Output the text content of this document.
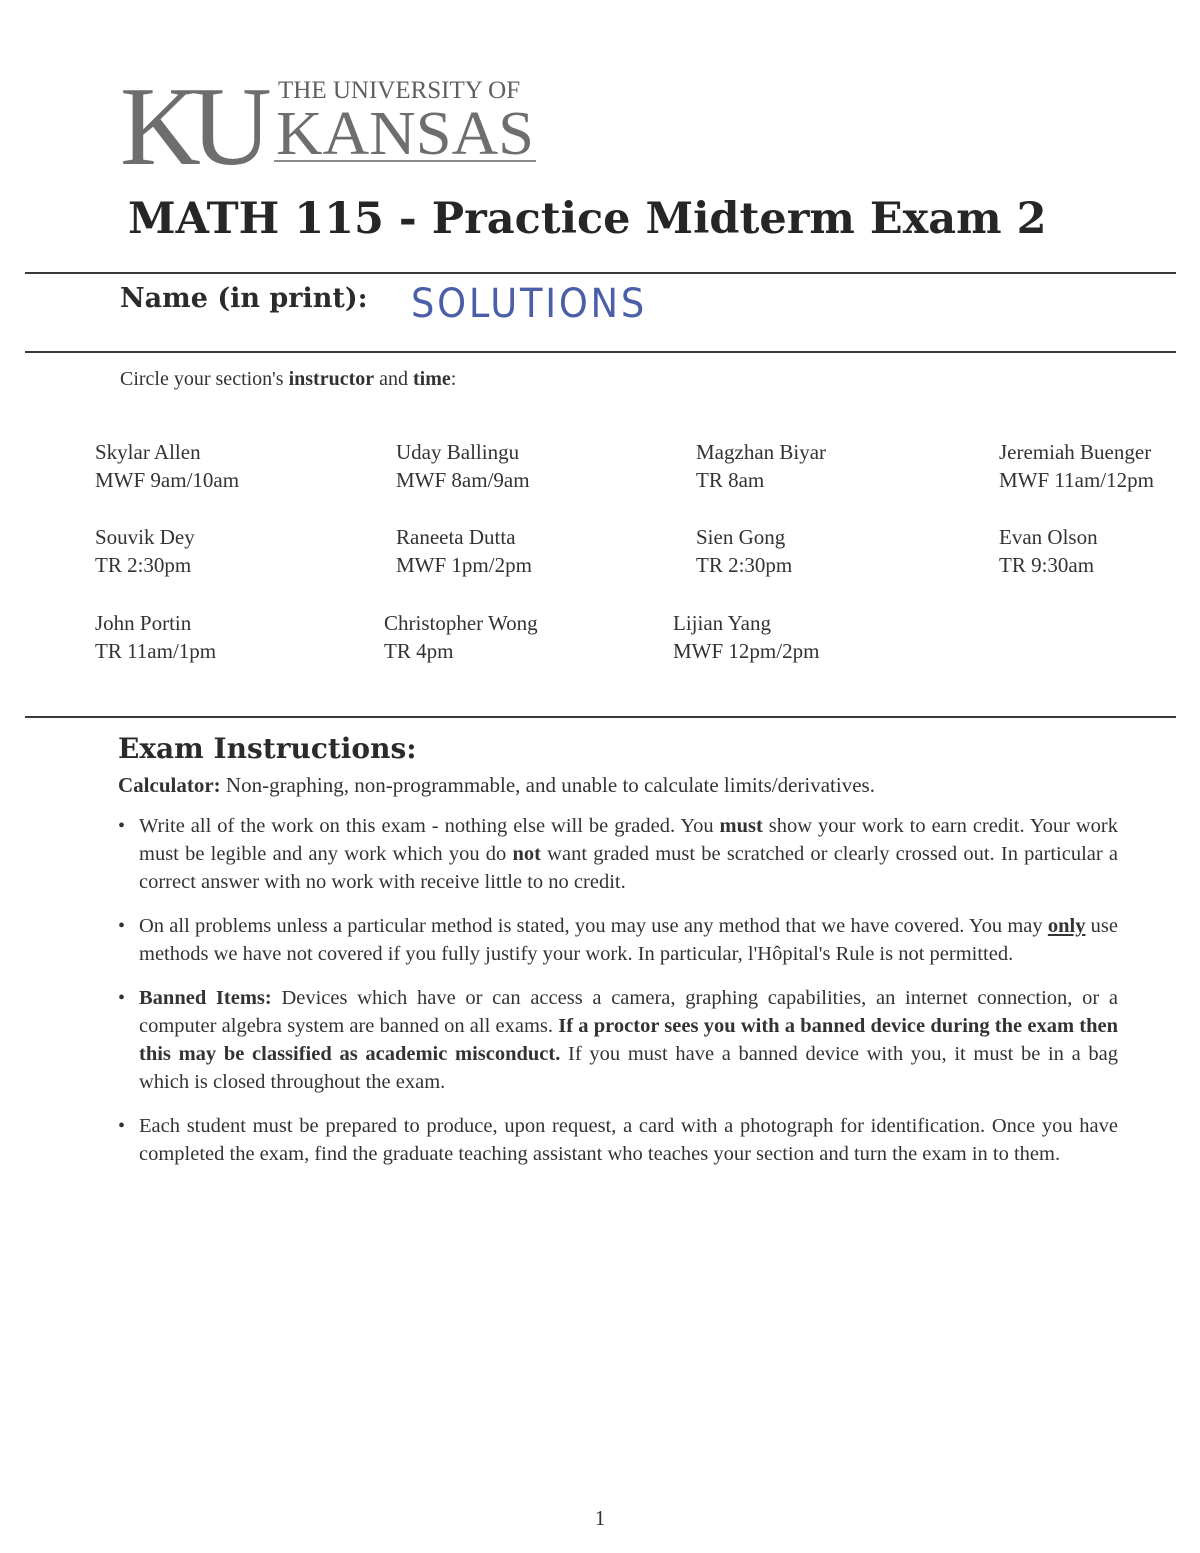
KU THE UNIVERSITY OF
KANSAS
MATH 115 - Practice Midterm Exam 2
Name (in print): SOLUTIONS
Circle your section's instructor and time:
Skylar Allen
MWF 9am/10am
Uday Ballingu
MWF 8am/9am
Magzhan Biyar
TR 8am
Jeremiah Buenger
MWF 11am/12pm
Souvik Dey
TR 2:30pm
Raneeta Dutta
MWF 1pm/2pm
Sien Gong
TR 2:30pm
Evan Olson
TR 9:30am
John Portin
TR 11am/1pm
Christopher Wong
TR 4pm
Lijian Yang
MWF 12pm/2pm
Exam Instructions:
Calculator: Non-graphing, non-programmable, and unable to calculate limits/derivatives.
• Write all of the work on this exam - nothing else will be graded. You must show your work to earn credit. Your work must be legible and any work which you do not want graded must be scratched or clearly crossed out. In particular a correct answer with no work with receive little to no credit.
• On all problems unless a particular method is stated, you may use any method that we have covered. You may only use methods we have not covered if you fully justify your work. In particular, l'Hôpital's Rule is not permitted.
• Banned Items: Devices which have or can access a camera, graphing capabilities, an internet connection, or a computer algebra system are banned on all exams. If a proctor sees you with a banned device during the exam then this may be classified as academic misconduct. If you must have a banned device with you, it must be in a bag which is closed throughout the exam.
• Each student must be prepared to produce, upon request, a card with a photograph for identification. Once you have completed the exam, find the graduate teaching assistant who teaches your section and turn the exam in to them.
1
